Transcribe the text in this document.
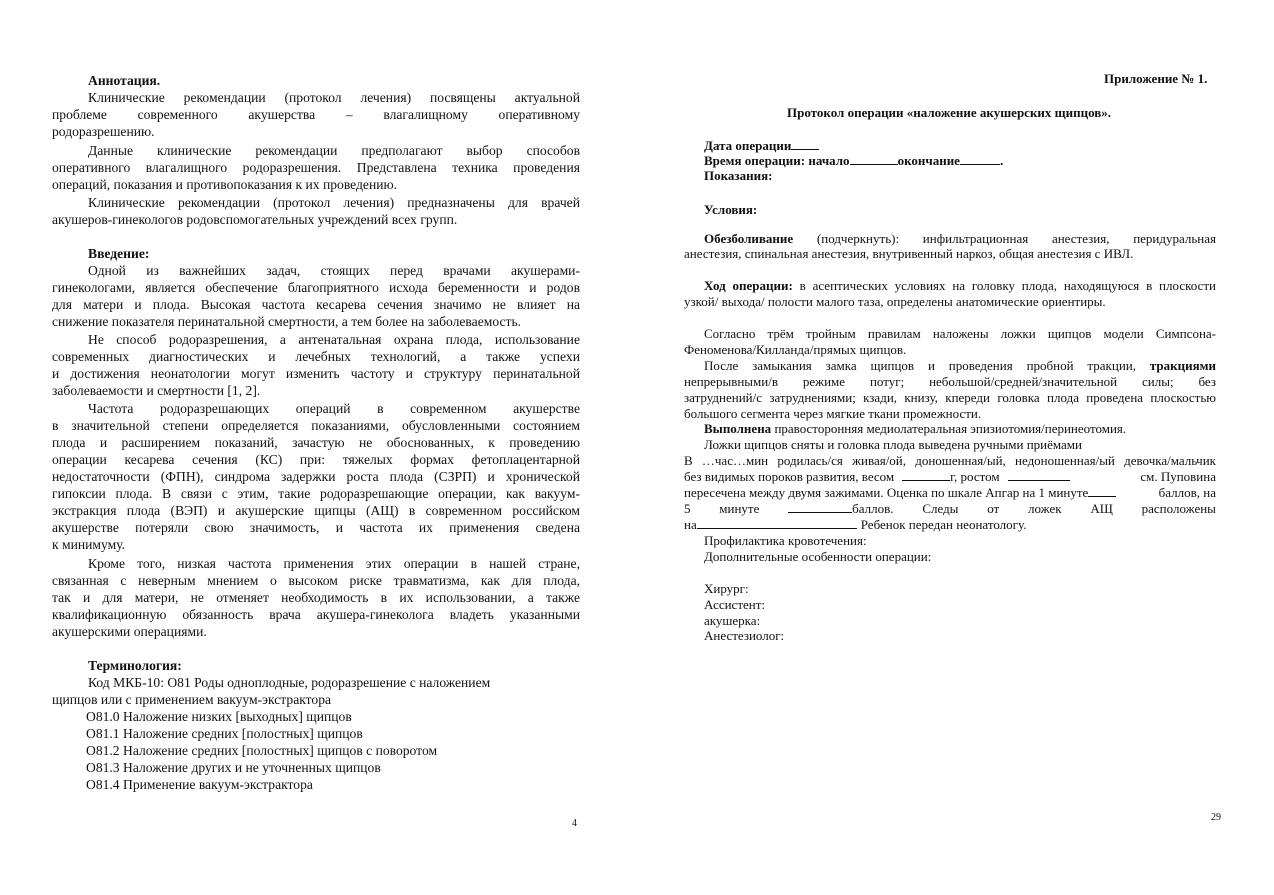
Аннотация.
Клинические рекомендации (протокол лечения) посвящены актуальной
проблеме современного акушерства – влагалищному оперативному
родоразрешению.
Данные клинические рекомендации предполагают выбор способов
оперативного влагалищного родоразрешения. Представлена техника проведения
операций, показания и противопоказания к их проведению.
Клинические рекомендации (протокол лечения) предназначены для врачей
акушеров-гинекологов родовспомогательных учреждений всех групп.
Введение:
Одной из важнейших задач, стоящих перед врачами акушерами-
гинекологами, является обеспечение благоприятного исхода беременности и родов
для матери и плода. Высокая частота кесарева сечения значимо не влияет на
снижение показателя перинатальной смертности, а тем более на заболеваемость.
Не способ родоразрешения, а антенатальная охрана плода, использование
современных диагностических и лечебных технологий, а также успехи
и достижения неонатологии могут изменить частоту и структуру перинатальной
заболеваемости и смертности [1, 2].
Частота родоразрешающих операций в современном акушерстве
в значительной степени определяется показаниями, обусловленными состоянием
плода и расширением показаний, зачастую не обоснованных, к проведению
операции кесарева сечения (КС) при: тяжелых формах фетоплацентарной
недостаточности (ФПН), синдрома задержки роста плода (СЗРП) и хронической
гипоксии плода. В связи с этим, такие родоразрешающие операции, как вакуум-
экстракция плода (ВЭП) и акушерские щипцы (АЩ) в современном российском
акушерстве потеряли свою значимость, и частота их применения сведена
к минимуму.
Кроме того, низкая частота применения этих операции в нашей стране,
связанная с неверным мнением о высоком риске травматизма, как для плода,
так и для матери, не отменяет необходимость в их использовании, а также
квалификационную обязанность врача акушера-гинеколога владеть указанными
акушерскими операциями.
Терминология:
Код МКБ-10: О81 Роды одноплодные, родоразрешение с наложением
щипцов или с применением вакуум-экстрактора
О81.0 Наложение низких [выходных] щипцов
О81.1 Наложение средних [полостных] щипцов
О81.2 Наложение средних [полостных] щипцов с поворотом
О81.3 Наложение других и не уточненных щипцов
О81.4 Применение вакуум-экстрактора
4
Приложение № 1.
Протокол операции «наложение акушерских щипцов».
Дата операции
Время операции: начало	окончание	.
Показания:
Условия:
Обезболивание (подчеркнуть): инфильтрационная анестезия, перидуральная
анестезия, спинальная анестезия, внутривенный наркоз, общая анестезия с ИВЛ.
Ход операции: в асептических условиях на головку плода, находящуюся в плоскости
узкой/ выхода/ полости малого таза, определены анатомические ориентиры.
Согласно трём тройным правилам наложены ложки щипцов модели Симпсона-
Феноменова/Килланда/прямых щипцов.
После замыкания замка щипцов и проведения пробной тракции, тракциями
непрерывными/в режиме потуг; небольшой/средней/значительной силы; без
затруднений/с затруднениями; кзади, книзу, кпереди головка плода проведена плоскостью
большого сегмента через мягкие ткани промежности.
Выполнена правосторонняя медиолатеральная эпизиотомия/перинеотомия.
Ложки щипцов сняты и головка плода выведена ручными приёмами
В …час…мин родилась/ся живая/ой, доношенная/ый, недоношенная/ый девочка/мальчик
без видимых пороков развития, весом	г, ростом	см. Пуповина
пересечена между двумя зажимами. Оценка по шкале Апгар на 1 минуте	баллов, на
5 минуте	баллов. Следы от ложек АЩ расположены
на	Ребенок передан неонатологу.
Профилактика кровотечения:
Дополнительные особенности операции:
Хирург:
Ассистент:
акушерка:
Анестезиолог:
29
